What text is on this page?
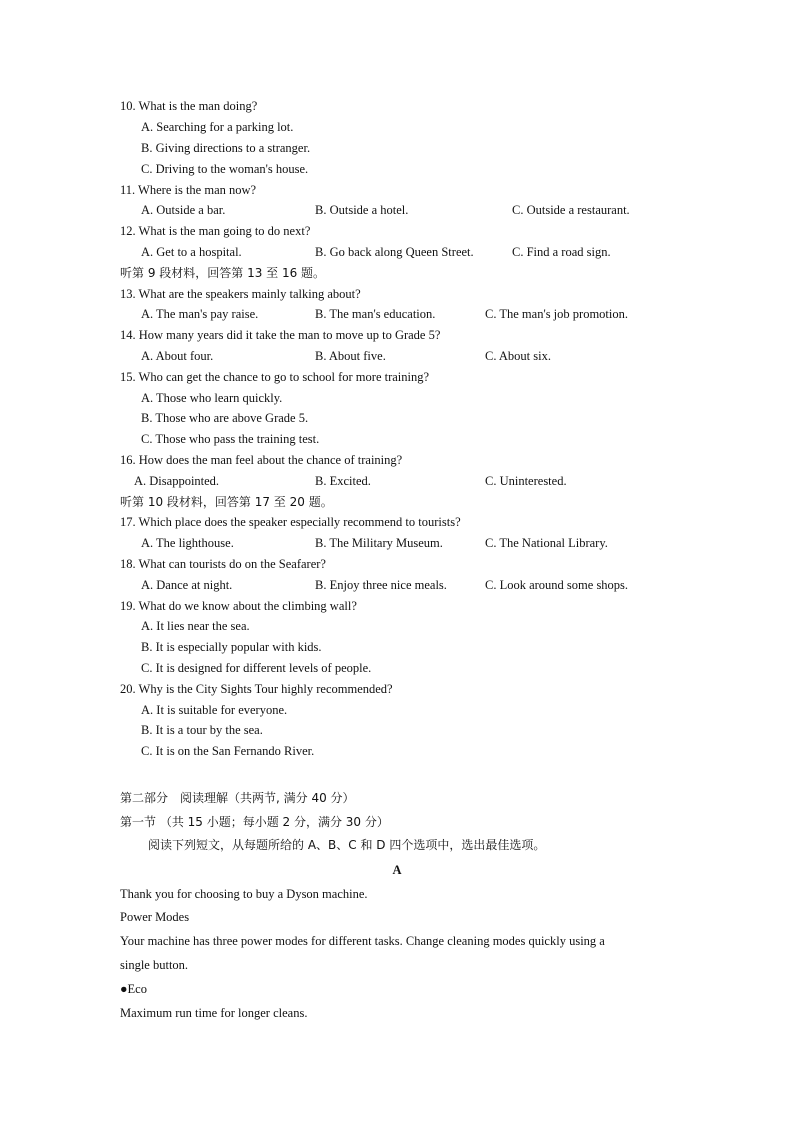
10. What is the man doing?
A. Searching for a parking lot.
B. Giving directions to a stranger.
C. Driving to the woman's house.
11. Where is the man now?
A. Outside a bar.	B. Outside a hotel.	C. Outside a restaurant.
12. What is the man going to do next?
A. Get to a hospital.	B. Go back along Queen Street.	C. Find a road sign.
听第 9 段材料，回答第 13 至 16 题。
13. What are the speakers mainly talking about?
A. The man's pay raise.	B. The man's education.	C. The man's job promotion.
14. How many years did it take the man to move up to Grade 5?
A. About four.	B. About five.	C. About six.
15. Who can get the chance to go to school for more training?
A. Those who learn quickly.
B. Those who are above Grade 5.
C. Those who pass the training test.
16. How does the man feel about the chance of training?
A. Disappointed.	B. Excited.	C. Uninterested.
听第 10 段材料，回答第 17 至 20 题。
17. Which place does the speaker especially recommend to tourists?
A. The lighthouse.	B. The Military Museum.	C. The National Library.
18. What can tourists do on the Seafarer?
A. Dance at night.	B. Enjoy three nice meals.	C. Look around some shops.
19. What do we know about the climbing wall?
A. It lies near the sea.
B. It is especially popular with kids.
C. It is designed for different levels of people.
20. Why is the City Sights Tour highly recommended?
A. It is suitable for everyone.
B. It is a tour by the sea.
C. It is on the San Fernando River.
第二部分　阅读理解（共两节, 满分 40 分）
第一节 （共 15 小题；每小题 2 分，满分 30 分）
阅读下列短文，从每题所给的 A、B、C 和 D 四个选项中，选出最佳选项。
A
Thank you for choosing to buy a Dyson machine.
Power Modes
Your machine has three power modes for different tasks. Change cleaning modes quickly using a
single button.
●Eco
Maximum run time for longer cleans.
